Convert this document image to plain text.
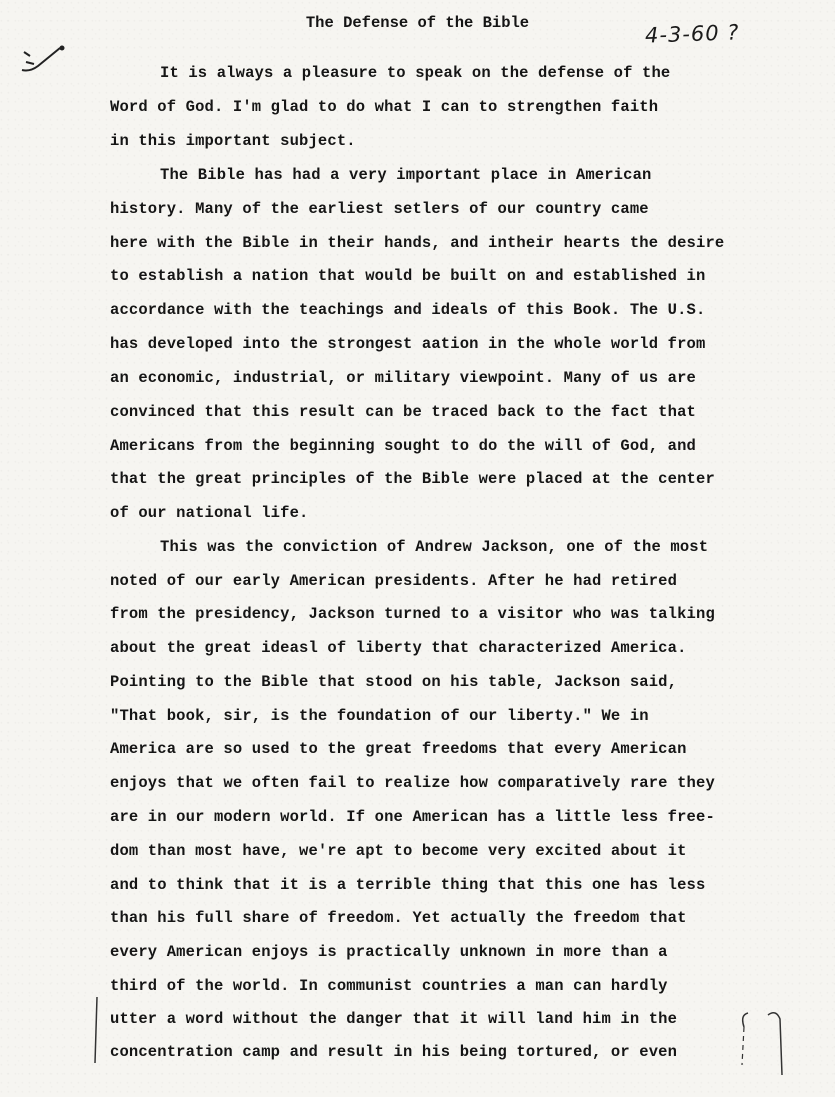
The Defense of the Bible	4-3-60 ?
It is always a pleasure to speak on the defense of the
Word of God. I'm glad to do what I can to strengthen faith
in this important subject.
The Bible has had a very important place in American
history. Many of the earliest setlers of our country came
here with the Bible in their hands, and intheir hearts the desire
to establish a nation that would be built on and established in
accordance with the teachings and ideals of this Book. The U.S.
has developed into the strongest aation in the whole world from
an economic, industrial, or military viewpoint. Many of us are
convinced that this result can be traced back to the fact that
Americans from the beginning sought to do the will of God, and
that the great principles of the Bible were placed at the center
of our national life.
This was the conviction of Andrew Jackson, one of the most
noted of our early American presidents. After he had retired
from the presidency, Jackson turned to a visitor who was talking
about the great ideasl of liberty that characterized America.
Pointing to the Bible that stood on his table, Jackson said,
"That book, sir, is the foundation of our liberty." We in
America are so used to the great freedoms that every American
enjoys that we often fail to realize how comparatively rare they
are in our modern world. If one American has a little less free-
dom than most have, we're apt to become very excited about it
and to think that it is a terrible thing that this one has less
than his full share of freedom. Yet actually the freedom that
every American enjoys is practically unknown in more than a
third of the world. In communist countries a man can hardly
utter a word without the danger that it will land him in the
concentration camp and result in his being tortured, or even
